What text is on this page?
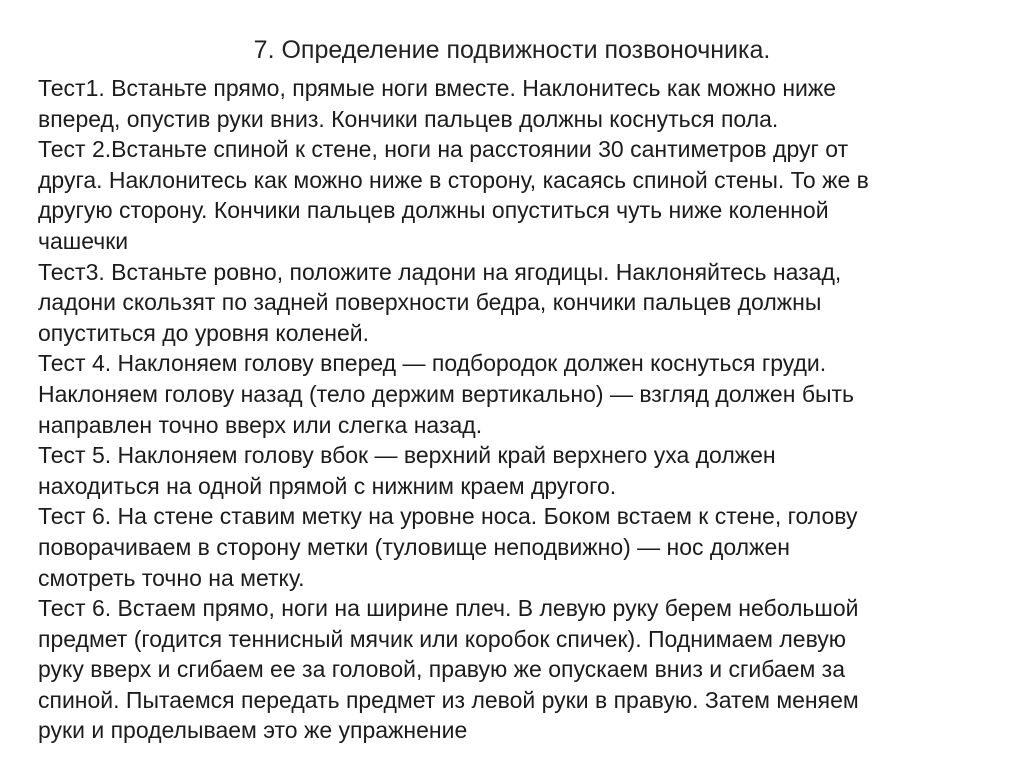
7. Определение подвижности позвоночника.
Тест1. Встаньте прямо, прямые ноги вместе. Наклонитесь как можно ниже
вперед, опустив руки вниз. Кончики пальцев должны коснуться пола.
Тест 2.Встаньте спиной к стене, ноги на расстоянии 30 сантиметров друг от
друга. Наклонитесь как можно ниже в сторону, касаясь спиной стены. То же в
другую сторону. Кончики пальцев должны опуститься чуть ниже коленной
чашечки
Тест3. Встаньте ровно, положите ладони на ягодицы. Наклоняйтесь назад,
ладони скользят по задней поверхности бедра, кончики пальцев должны
опуститься до уровня коленей.
Тест 4. Наклоняем голову вперед — подбородок должен коснуться груди.
Наклоняем голову назад (тело держим вертикально) — взгляд должен быть
направлен точно вверх или слегка назад.
Тест 5. Наклоняем голову вбок — верхний край верхнего уха должен
находиться на одной прямой с нижним краем другого.
Тест 6. На стене ставим метку на уровне носа. Боком встаем к стене, голову
поворачиваем в сторону метки (туловище неподвижно) — нос должен
смотреть точно на метку.
Тест 6. Встаем прямо, ноги на ширине плеч. В левую руку берем небольшой
предмет (годится теннисный мячик или коробок спичек). Поднимаем левую
руку вверх и сгибаем ее за головой, правую же опускаем вниз и сгибаем за
спиной. Пытаемся передать предмет из левой руки в правую. Затем меняем
руки и проделываем это же упражнение
